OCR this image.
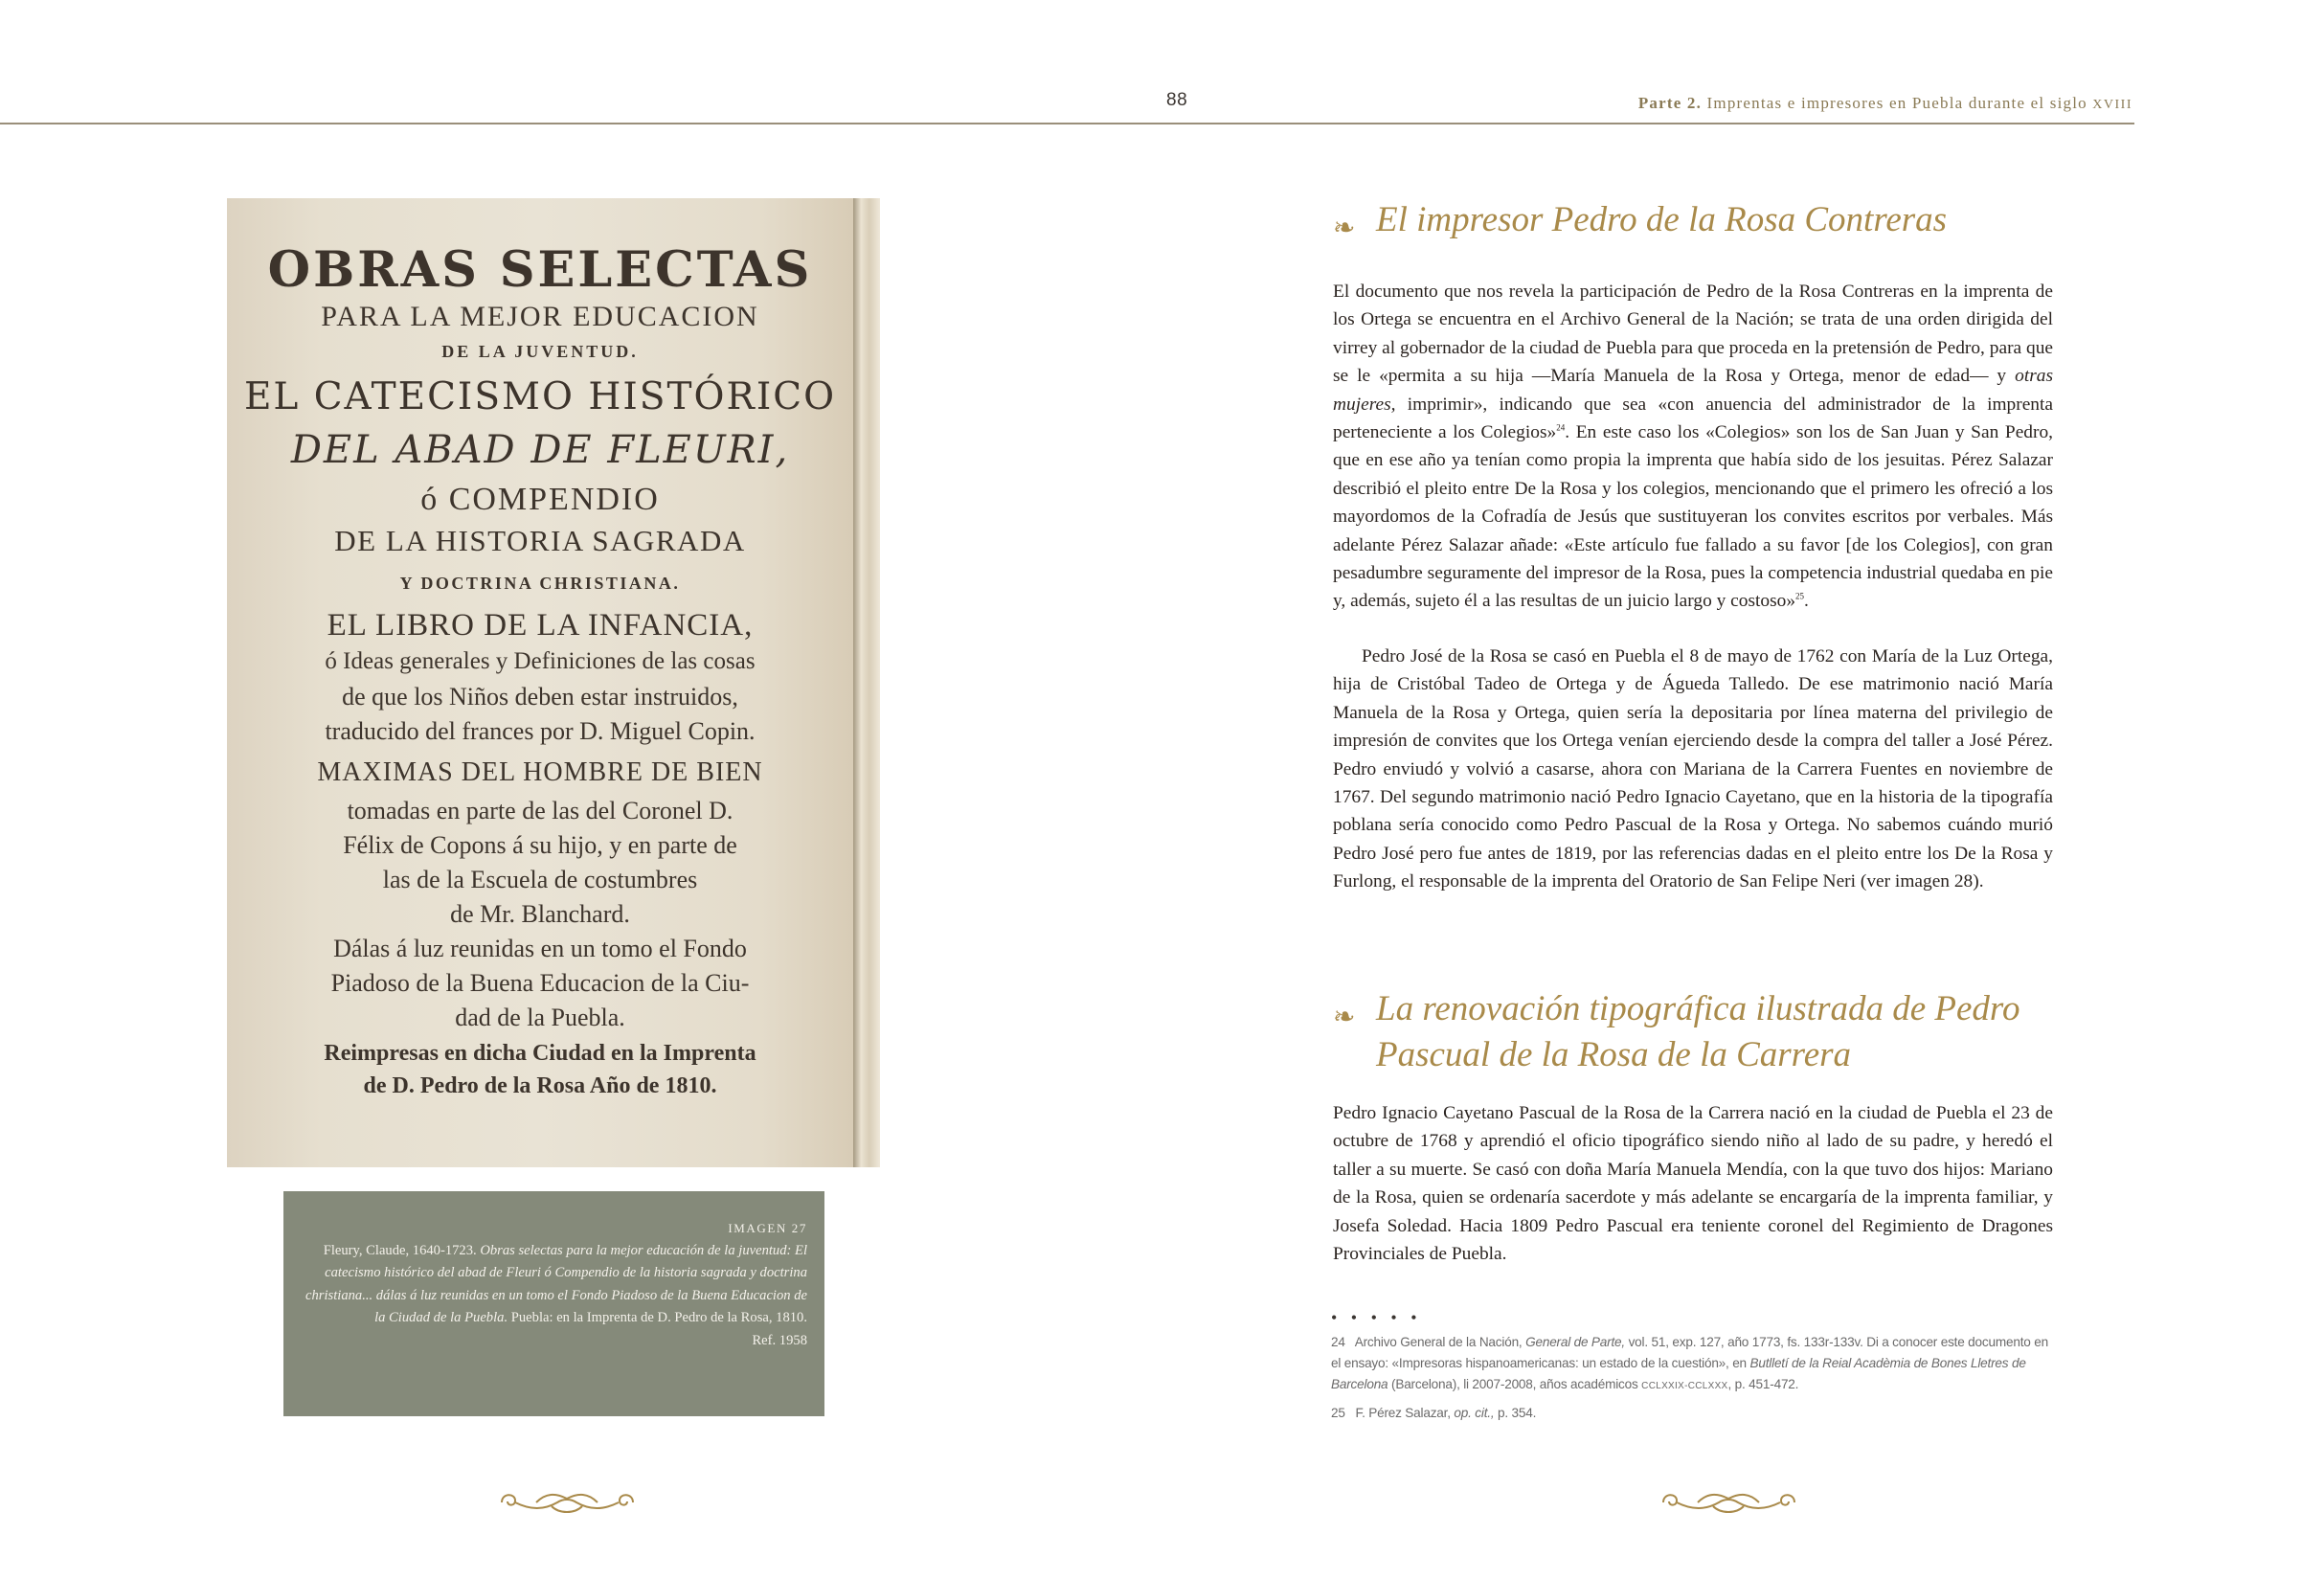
88	Parte 2. Imprentas e impresores en Puebla durante el siglo XVIII
OBRAS SELECTAS
PARA LA MEJOR EDUCACION
DE LA JUVENTUD.
EL CATECISMO HISTÓRICO
DEL ABAD DE FLEURI,
ó COMPENDIO
DE LA HISTORIA SAGRADA
Y DOCTRINA CHRISTIANA.
EL LIBRO DE LA INFANCIA,
ó Ideas generales y Definiciones de las cosas
de que los Niños deben estar instruidos,
traducido del frances por D. Miguel Copin.
MAXIMAS DEL HOMBRE DE BIEN
tomadas en parte de las del Coronel D.
Félix de Copons á su hijo, y en parte de
las de la Escuela de costumbres
de Mr. Blanchard.
Dálas á luz reunidas en un tomo el Fondo
Piadoso de la Buena Educacion de la Ciu-
dad de la Puebla.
Reimpresas en dicha Ciudad en la Imprenta
de D. Pedro de la Rosa Año de 1810.
IMAGEN 27
Fleury, Claude, 1640-1723. Obras selectas para la mejor educación de la juventud: El catecismo histórico del abad de Fleuri ó Compendio de la historia sagrada y doctrina christiana... dálas á luz reunidas en un tomo el Fondo Piadoso de la Buena Educacion de la Ciudad de la Puebla. Puebla: en la Imprenta de D. Pedro de la Rosa, 1810.
Ref. 1958
❧ El impresor Pedro de la Rosa Contreras

El documento que nos revela la participación de Pedro de la Rosa Contreras en la imprenta de los Ortega se encuentra en el Archivo General de la Nación; se trata de una orden dirigida del virrey al gobernador de la ciudad de Puebla para que proceda en la pretensión de Pedro, para que se le «permita a su hija —María Manuela de la Rosa y Ortega, menor de edad— y otras mujeres, imprimir», indicando que sea «con anuencia del administrador de la imprenta perteneciente a los Colegios»$^{24}$. En este caso los «Colegios» son los de San Juan y San Pedro, que en ese año ya tenían como propia la imprenta que había sido de los jesuitas. Pérez Salazar describió el pleito entre De la Rosa y los colegios, mencionando que el primero les ofreció a los mayordomos de la Cofradía de Jesús que sustituyeran los convites escritos por verbales. Más adelante Pérez Salazar añade: «Este artículo fue fallado a su favor [de los Colegios], con gran pesadumbre seguramente del impresor de la Rosa, pues la competencia industrial quedaba en pie y, además, sujeto él a las resultas de un juicio largo y costoso»$^{25}$.

Pedro José de la Rosa se casó en Puebla el 8 de mayo de 1762 con María de la Luz Ortega, hija de Cristóbal Tadeo de Ortega y de Águeda Talledo. De ese matrimonio nació María Manuela de la Rosa y Ortega, quien sería la depositaria por línea materna del privilegio de impresión de convites que los Ortega venían ejerciendo desde la compra del taller a José Pérez. Pedro enviudó y volvió a casarse, ahora con Mariana de la Carrera Fuentes en noviembre de 1767. Del segundo matrimonio nació Pedro Ignacio Cayetano, que en la historia de la tipografía poblana sería conocido como Pedro Pascual de la Rosa y Ortega. No sabemos cuándo murió Pedro José pero fue antes de 1819, por las referencias dadas en el pleito entre los De la Rosa y Furlong, el responsable de la imprenta del Oratorio de San Felipe Neri (ver imagen 28).

❧ La renovación tipográfica ilustrada de Pedro
Pascual de la Rosa de la Carrera

Pedro Ignacio Cayetano Pascual de la Rosa de la Carrera nació en la ciudad de Puebla el 23 de octubre de 1768 y aprendió el oficio tipográfico siendo niño al lado de su padre, y heredó el taller a su muerte. Se casó con doña María Manuela Mendía, con la que tuvo dos hijos: Mariano de la Rosa, quien se ordenaría sacerdote y más adelante se encargaría de la imprenta familiar, y Josefa Soledad. Hacia 1809 Pedro Pascual era teniente coronel del Regimiento de Dragones Provinciales de Puebla.

• • • • •
24 Archivo General de la Nación, General de Parte, vol. 51, exp. 127, año 1773, fs. 133r-133v. Di a conocer este documento en el ensayo: «Impresoras hispanoamericanas: un estado de la cuestión», en Butlletí de la Reial Acadèmia de Bones Lletres de Barcelona (Barcelona), li 2007-2008, años académicos CCLXXIX-CCLXXX, p. 451-472.
25 F. Pérez Salazar, op. cit., p. 354.
